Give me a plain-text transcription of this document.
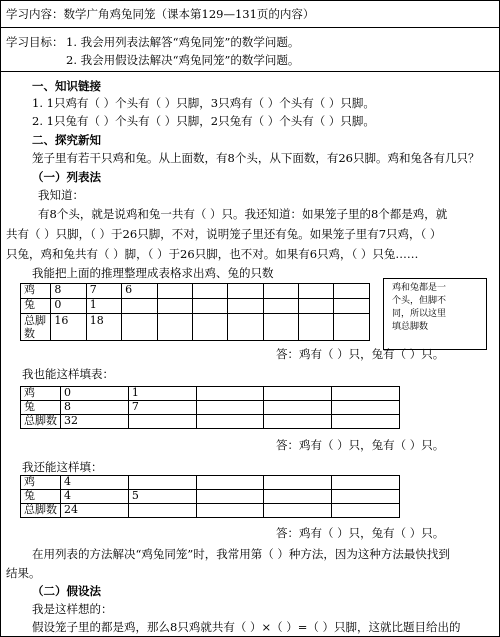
学习内容：数学广角鸡兔同笼（课本第129—131页的内容）
学习目标： 1. 我会用列表法解答“鸡兔同笼”的数学问题。
2. 我会用假设法解决“鸡兔同笼”的数学问题。
一、知识链接
1. 1只鸡有（ ）个头有（ ）只脚，3只鸡有（ ）个头有（ ）只脚。
2. 1只兔有（ ）个头有（ ）只脚，2只兔有（ ）个头有（ ）只脚。
二、探究新知
笼子里有若干只鸡和兔。从上面数，有8个头，从下面数，有26只脚。鸡和兔各有几只？
（一）列表法
我知道：
有8个头，就是说鸡和兔一共有（ ）只。我还知道：如果笼子里的8个都是鸡，就
共有（ ）只脚，（ ）于26只脚，不对，说明笼子里还有兔。如果笼子里有7只鸡，（ ）
只兔，鸡和兔共有（ ）脚，（ ）于26只脚，也不对。如果有6只鸡，（ ）只兔……
我能把上面的推理整理成表格求出鸡、兔的只数
鸡	8	7	6						
兔	0	1							
总脚数	16	18							
鸡和兔都是一
个头，但脚不
同，所以这里
填总脚数
答：鸡有（ ）只，兔有（ ）只。
我也能这样填表：
鸡	0	1			
兔	8	7			
总脚数	32				
答：鸡有（ ）只，兔有（ ）只。
我还能这样填：
鸡	4				
兔	4	5			
总脚数	24				
答：鸡有（ ）只，兔有（ ）只。
在用列表的方法解决“鸡兔同笼”时，我常用第（ ）种方法，因为这种方法最快找到
结果。
（二）假设法
我是这样想的：
假设笼子里的都是鸡，那么8只鸡就共有（ ）×（ ）=（ ）只脚，这就比题目给出的
